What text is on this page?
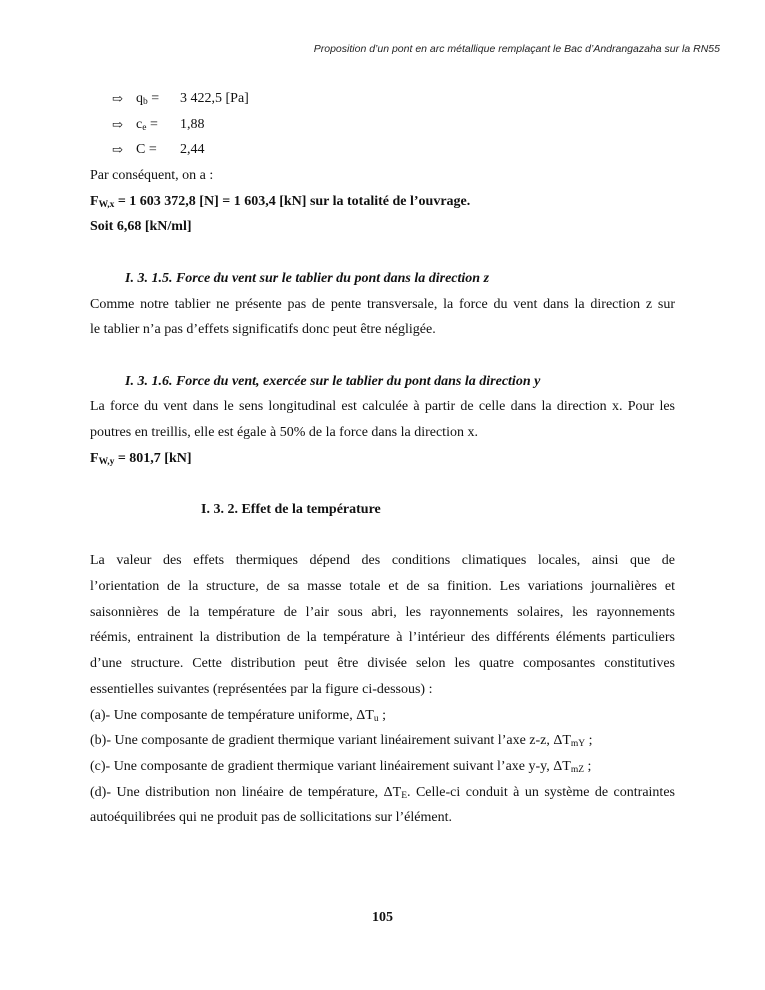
Proposition d’un pont en arc métallique remplaçant le Bac d’Andrangazaha sur la RN55
⇨ $q_b$ =	3 422,5 [Pa]
⇨ $c_e$ =	1,88
⇨ C =	2,44
Par conséquent, on a :
$F_{W,x} = 1$ 603 372,8 [N] = 1 603,4 [kN] sur la totalité de l’ouvrage.
Soit 6,68 [kN/ml]
I. 3. 1.5. Force du vent sur le tablier du pont dans la direction z
Comme notre tablier ne présente pas de pente transversale, la force du vent dans la direction z sur
le tablier n’a pas d’effets significatifs donc peut être négligée.
I. 3. 1.6. Force du vent, exercée sur le tablier du pont dans la direction y
La force du vent dans le sens longitudinal est calculée à partir de celle dans la direction x. Pour les
poutres en treillis, elle est égale à 50% de la force dans la direction x.
$F_{W,y} = 801,7$ [kN]
I. 3. 2. Effet de la température
La valeur des effets thermiques dépend des conditions climatiques locales, ainsi que de
l’orientation de la structure, de sa masse totale et de sa finition. Les variations journalières et
saisonnières de la température de l’air sous abri, les rayonnements solaires, les rayonnements
réémis, entrainent la distribution de la température à l’intérieur des différents éléments particuliers
d’une structure. Cette distribution peut être divisée selon les quatre composantes constitutives
essentielles suivantes (représentées par la figure ci-dessous) :
(a)- Une composante de température uniforme, $\Delta T_u$ ;
(b)- Une composante de gradient thermique variant linéairement suivant l’axe z-z, $\Delta T_{mY}$ ;
(c)- Une composante de gradient thermique variant linéairement suivant l’axe y-y, $\Delta T_{mZ}$ ;
(d)- Une distribution non linéaire de température, $\Delta T_E$. Celle-ci conduit à un système de contraintes
autoéquilibrées qui ne produit pas de sollicitations sur l’élément.
105
